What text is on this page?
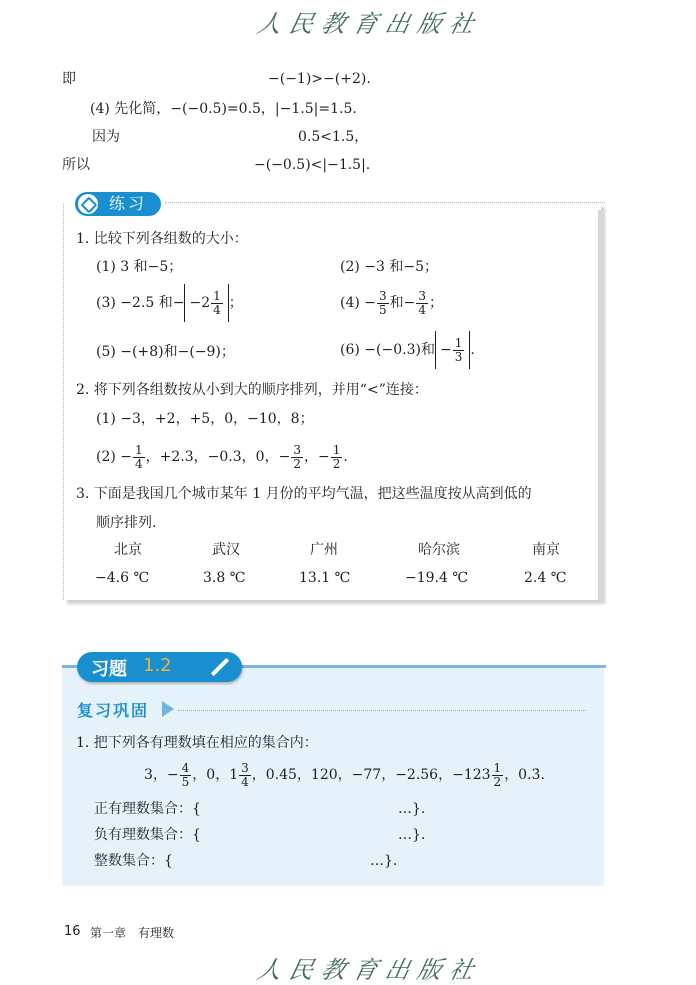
人民教育出版社
即	−(−1)>−(+2).
(4) 先化简，−(−0.5)=0.5，|−1.5|=1.5.
因为	0.5<1.5，
所以	−(−0.5)<|−1.5|.
练习
1. 比较下列各组数的大小：
(1) 3 和−5；	(2) −3 和−5；
(3) −2.5 和− $-2 \frac{1}{4}$ ；	$(4) - \frac{3}{5}$ 和− $\frac{3}{4}$ ；
(5) −(+8)和−(−9)；	(6) −(−0.3)和 − $\frac{1}{3}$ .
2. 将下列各组数按从小到大的顺序排列，并用“<”连接：
(1) −3，+2，+5，0，−10，8；
$(2) - \frac{1}{4}$ ，+2.3，−0.3，0，− $\frac{3}{2}$ ，− $\frac{1}{2}$ .
3. 下面是我国几个城市某年 1 月份的平均气温，把这些温度按从高到低的
顺序排列.
北京	武汉	广州	哈尔滨	南京
−4.6 ℃	3.8 ℃	13.1 ℃	−19.4 ℃	2.4 ℃
习题 1.2
复习巩固
1. 把下列各有理数填在相应的集合内：
3，− $\frac{4}{5}$ ，0，$1 \frac{3}{4}$ ，0.45，120，−77，−2.56，$-123 \frac{1}{2}$ ，0.3̇.
正有理数集合：{	…}.
负有理数集合：{	…}.
整数集合：{	…}.
16 第一章 有理数
人民教育出版社
